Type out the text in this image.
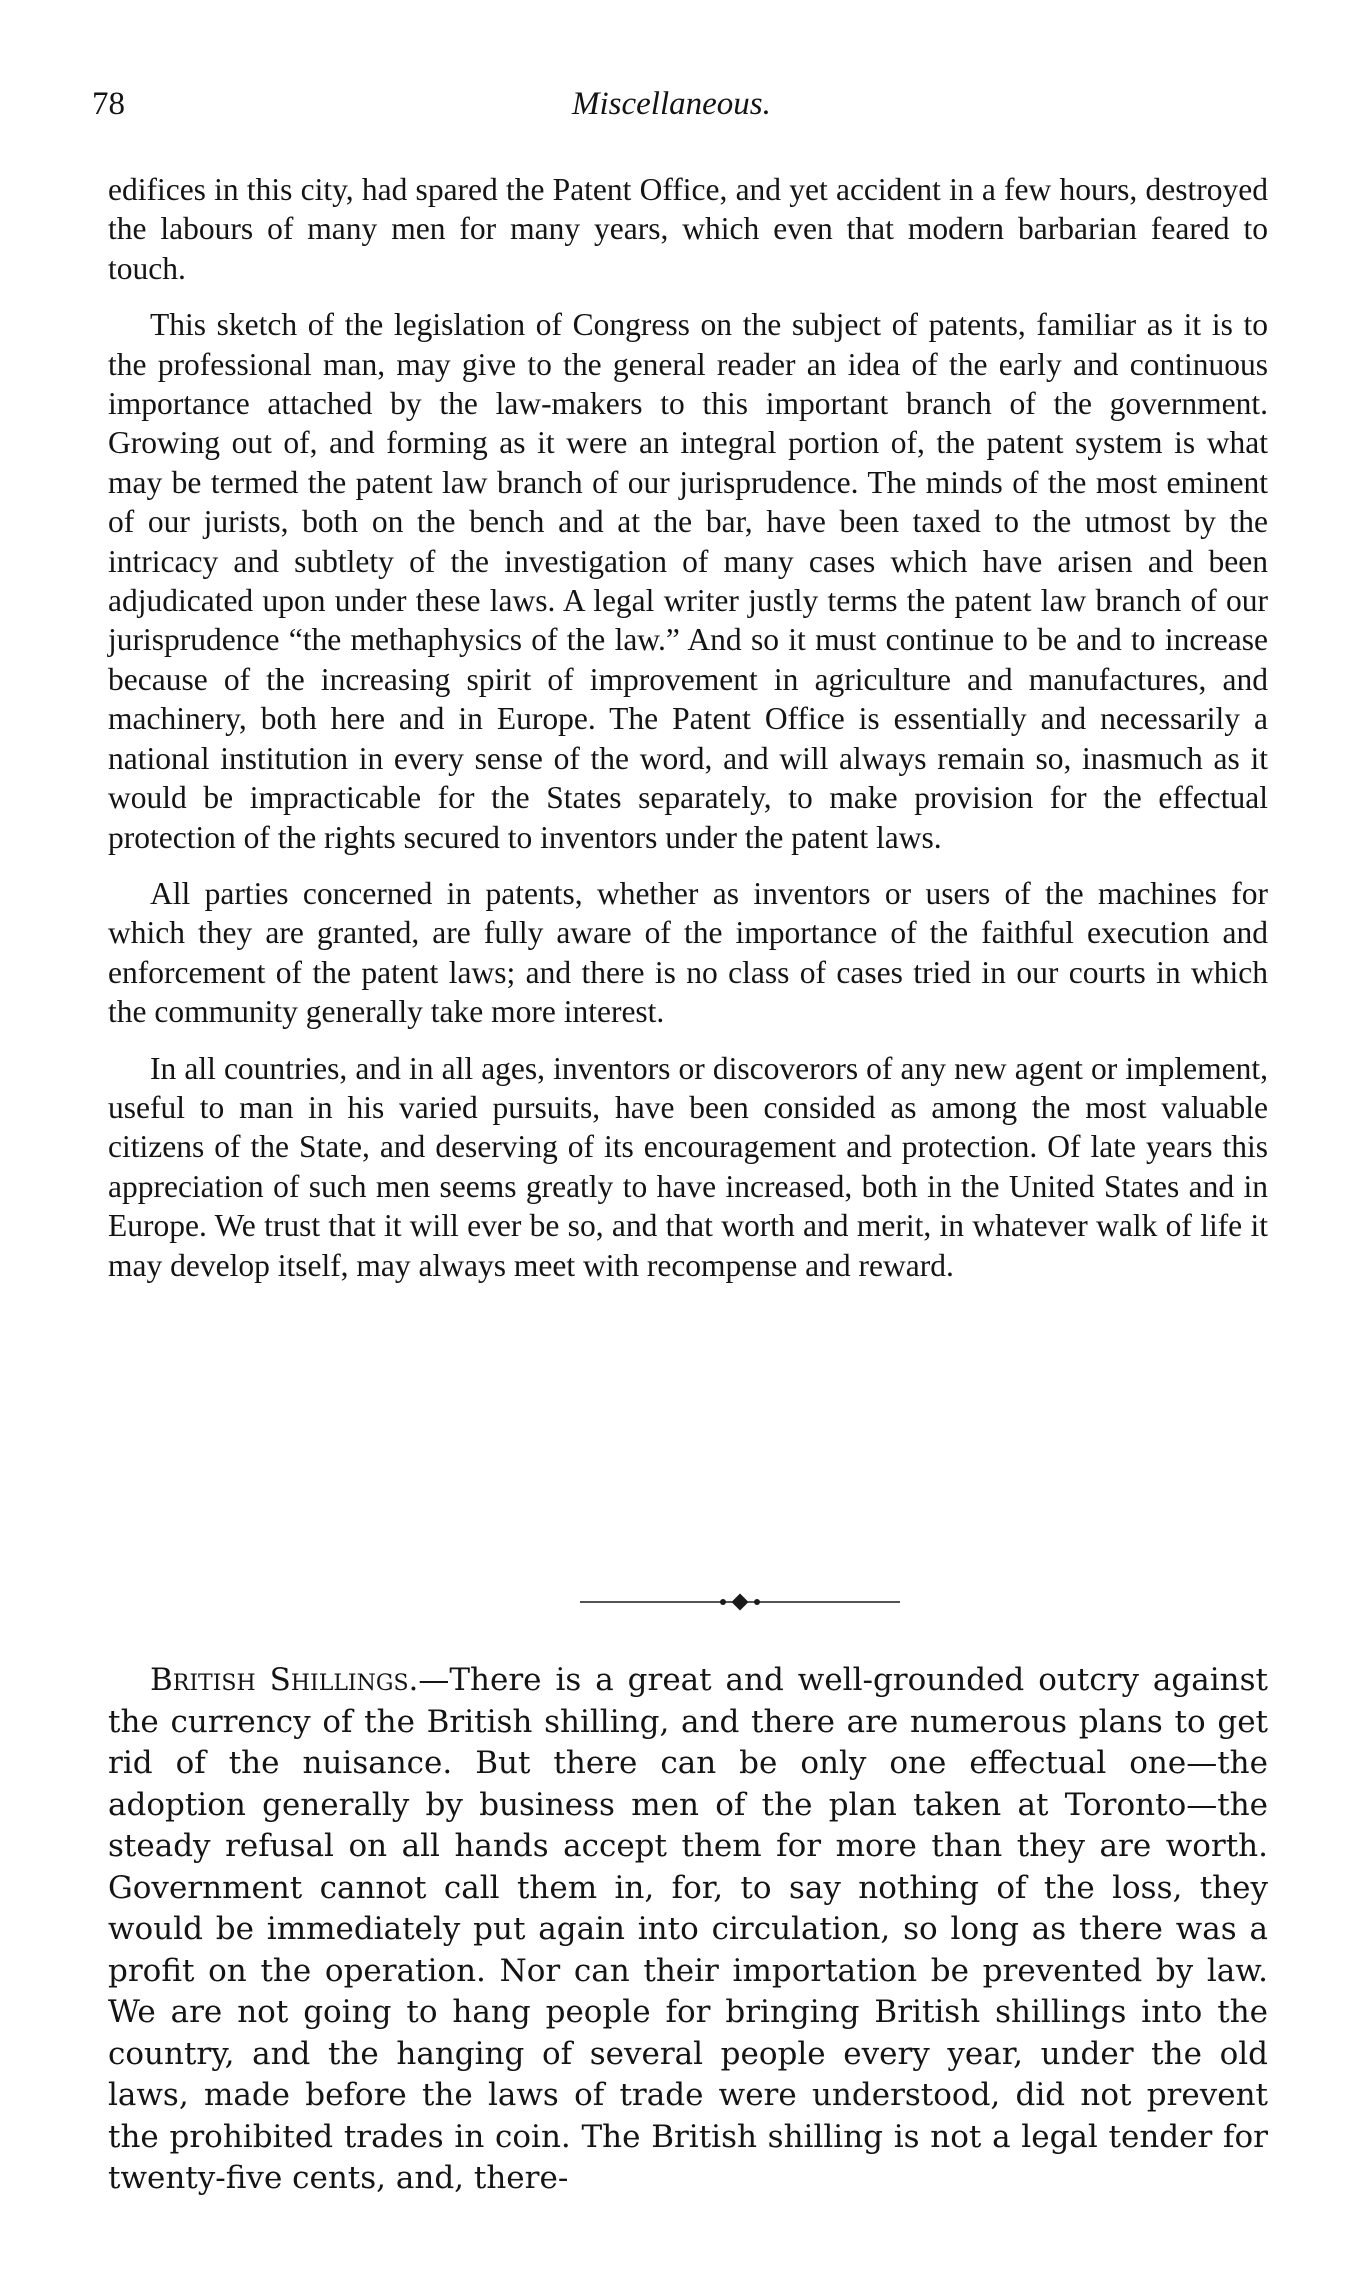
78	Miscellaneous.

edifices in this city, had spared the Patent Office, and yet accident in a few hours, destroyed the labours of many men for many years, which even that modern barbarian feared to touch.

This sketch of the legislation of Congress on the subject of patents, familiar as it is to the professional man, may give to the general reader an idea of the early and continuous importance attached by the law-makers to this important branch of the government. Growing out of, and forming as it were an integral portion of, the patent system is what may be termed the patent law branch of our jurisprudence. The minds of the most eminent of our jurists, both on the bench and at the bar, have been taxed to the utmost by the intricacy and subtlety of the investigation of many cases which have arisen and been adjudicated upon under these laws. A legal writer justly terms the patent law branch of our jurisprudence “the methaphysics of the law.” And so it must continue to be and to increase because of the increasing spirit of improvement in agriculture and manufactures, and machinery, both here and in Europe. The Patent Office is essentially and necessarily a national institution in every sense of the word, and will always remain so, inasmuch as it would be impracticable for the States separately, to make provision for the effectual protection of the rights secured to inventors under the patent laws.

All parties concerned in patents, whether as inventors or users of the machines for which they are granted, are fully aware of the importance of the faithful execution and enforcement of the patent laws; and there is no class of cases tried in our courts in which the community generally take more interest.

In all countries, and in all ages, inventors or discoverors of any new agent or implement, useful to man in his varied pursuits, have been consided as among the most valuable citizens of the State, and deserving of its encouragement and protection. Of late years this appreciation of such men seems greatly to have increased, both in the United States and in Europe. We trust that it will ever be so, and that worth and merit, in whatever walk of life it may develop itself, may always meet with recompense and reward.

British Shillings.—There is a great and well-grounded outcry against the currency of the British shilling, and there are numerous plans to get rid of the nuisance. But there can be only one effectual one—the adoption generally by business men of the plan taken at Toronto—the steady refusal on all hands accept them for more than they are worth. Government cannot call them in, for, to say nothing of the loss, they would be immediately put again into circulation, so long as there was a profit on the operation. Nor can their importation be prevented by law. We are not going to hang people for bringing British shillings into the country, and the hanging of several people every year, under the old laws, made before the laws of trade were understood, did not prevent the prohibited trades in coin. The British shilling is not a legal tender for twenty-five cents, and, there-
